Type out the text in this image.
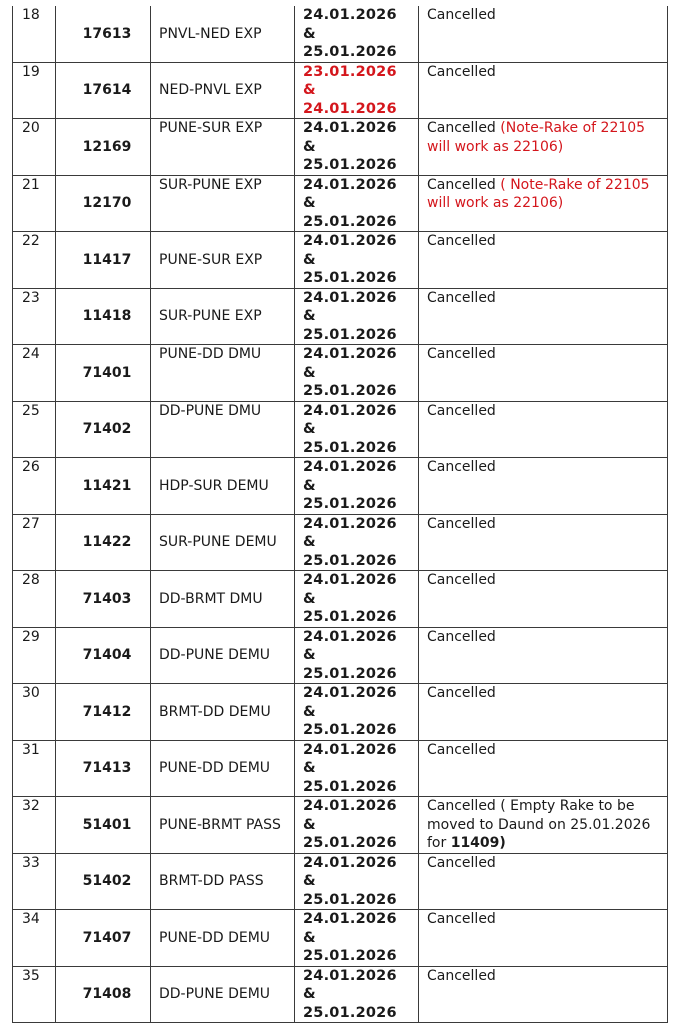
18	17613	PNVL-NED EXP	24.01.2026
&
25.01.2026	Cancelled
19	17614	NED-PNVL EXP	23.01.2026
&
24.01.2026	Cancelled
20	12169	PUNE-SUR EXP	24.01.2026
&
25.01.2026	Cancelled (Note-Rake of 22105 will work as 22106)
21	12170	SUR-PUNE EXP	24.01.2026
&
25.01.2026	Cancelled ( Note-Rake of 22105 will work as 22106)
22	11417	PUNE-SUR EXP	24.01.2026
&
25.01.2026	Cancelled
23	11418	SUR-PUNE EXP	24.01.2026
&
25.01.2026	Cancelled
24	71401	PUNE-DD DMU	24.01.2026
&
25.01.2026	Cancelled
25	71402	DD-PUNE DMU	24.01.2026
&
25.01.2026	Cancelled
26	11421	HDP-SUR DEMU	24.01.2026
&
25.01.2026	Cancelled
27	11422	SUR-PUNE DEMU	24.01.2026
&
25.01.2026	Cancelled
28	71403	DD-BRMT DMU	24.01.2026
&
25.01.2026	Cancelled
29	71404	DD-PUNE DEMU	24.01.2026
&
25.01.2026	Cancelled
30	71412	BRMT-DD DEMU	24.01.2026
&
25.01.2026	Cancelled
31	71413	PUNE-DD DEMU	24.01.2026
&
25.01.2026	Cancelled
32	51401	PUNE-BRMT PASS	24.01.2026
&
25.01.2026	Cancelled ( Empty Rake to be moved to Daund on 25.01.2026 for 11409)
33	51402	BRMT-DD PASS	24.01.2026
&
25.01.2026	Cancelled
34	71407	PUNE-DD DEMU	24.01.2026
&
25.01.2026	Cancelled
35	71408	DD-PUNE DEMU	24.01.2026
&
25.01.2026	Cancelled
